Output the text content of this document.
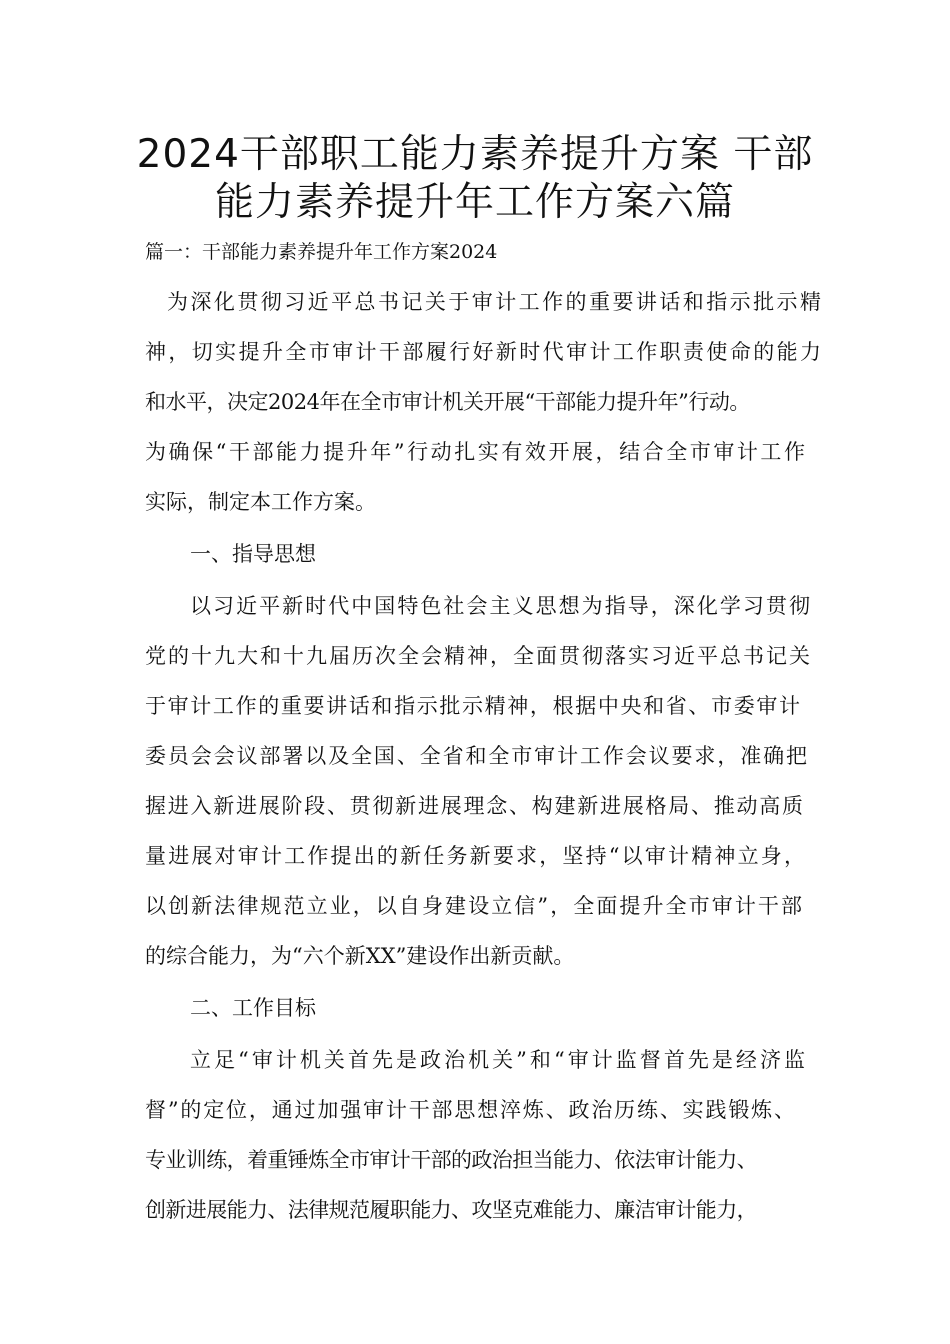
2024干部职工能力素养提升方案 干部
能力素养提升年工作方案六篇
篇一：干部能力素养提升年工作方案2024
为深化贯彻习近平总书记关于审计工作的重要讲话和指示批示精
神，切实提升全市审计干部履行好新时代审计工作职责使命的能力
和水平，决定2024年在全市审计机关开展“干部能力提升年”行动。
为确保“干部能力提升年”行动扎实有效开展，结合全市审计工作
实际，制定本工作方案。
一、指导思想
以习近平新时代中国特色社会主义思想为指导，深化学习贯彻
党的十九大和十九届历次全会精神，全面贯彻落实习近平总书记关
于审计工作的重要讲话和指示批示精神，根据中央和省、市委审计
委员会会议部署以及全国、全省和全市审计工作会议要求，准确把
握进入新进展阶段、贯彻新进展理念、构建新进展格局、推动高质
量进展对审计工作提出的新任务新要求，坚持“以审计精神立身，
以创新法律规范立业，以自身建设立信”，全面提升全市审计干部
的综合能力，为“六个新XX”建设作出新贡献。
二、工作目标
立足“审计机关首先是政治机关”和“审计监督首先是经济监
督”的定位，通过加强审计干部思想淬炼、政治历练、实践锻炼、
专业训练，着重锤炼全市审计干部的政治担当能力、依法审计能力、
创新进展能力、法律规范履职能力、攻坚克难能力、廉洁审计能力，
